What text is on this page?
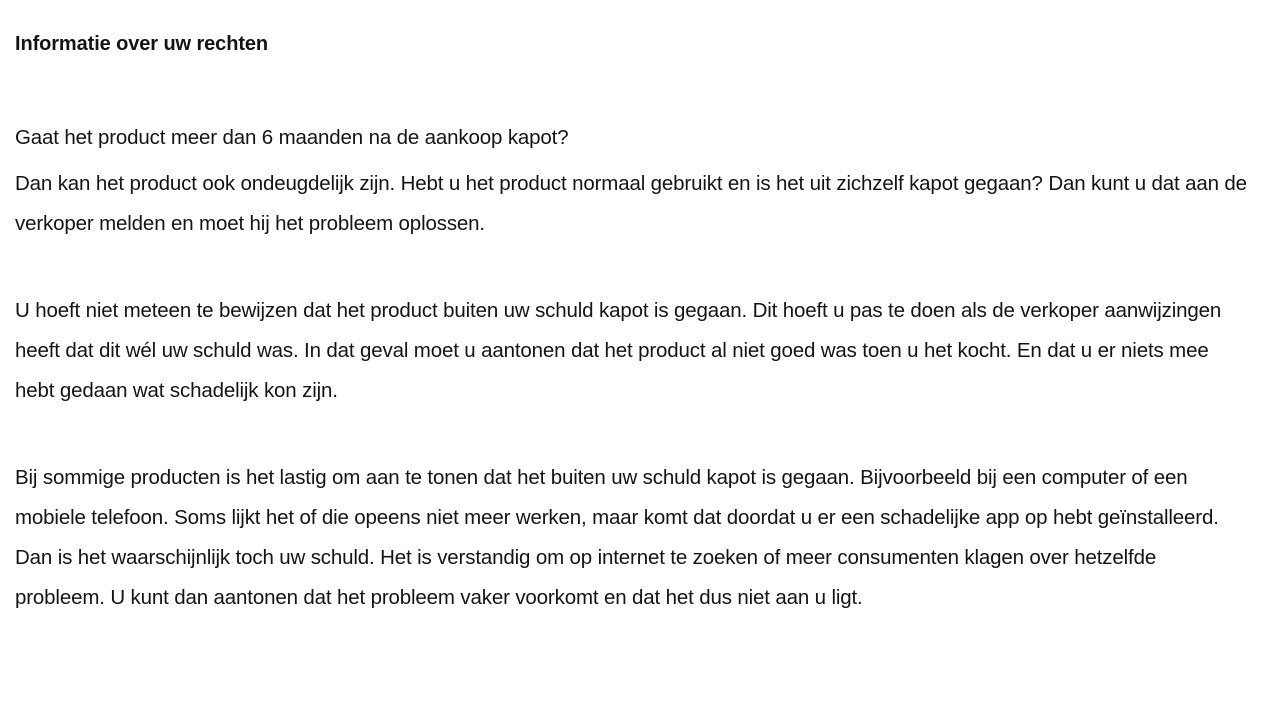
Informatie over uw rechten

Gaat het product meer dan 6 maanden na de aankoop kapot?

Dan kan het product ook ondeugdelijk zijn. Hebt u het product normaal gebruikt en is het uit zichzelf kapot gegaan? Dan kunt u dat aan de verkoper melden en moet hij het probleem oplossen.

U hoeft niet meteen te bewijzen dat het product buiten uw schuld kapot is gegaan. Dit hoeft u pas te doen als de verkoper aanwijzingen heeft dat dit wél uw schuld was. In dat geval moet u aantonen dat het product al niet goed was toen u het kocht. En dat u er niets mee hebt gedaan wat schadelijk kon zijn.

Bij sommige producten is het lastig om aan te tonen dat het buiten uw schuld kapot is gegaan. Bijvoorbeeld bij een computer of een mobiele telefoon. Soms lijkt het of die opeens niet meer werken, maar komt dat doordat u er een schadelijke app op hebt geïnstalleerd. Dan is het waarschijnlijk toch uw schuld. Het is verstandig om op internet te zoeken of meer consumenten klagen over hetzelfde probleem. U kunt dan aantonen dat het probleem vaker voorkomt en dat het dus niet aan u ligt.
